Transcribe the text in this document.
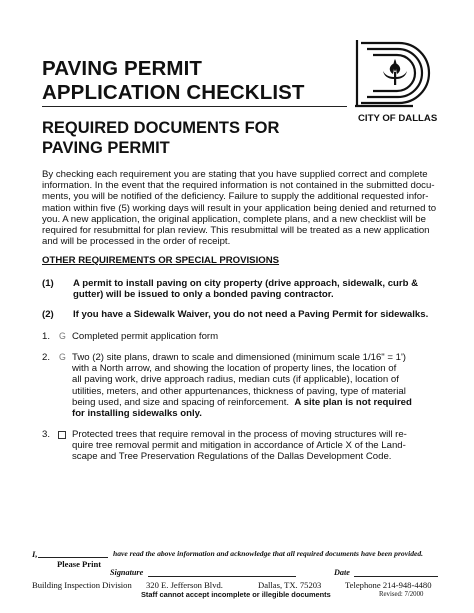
PAVING PERMIT
APPLICATION CHECKLIST
CITY OF DALLAS
REQUIRED DOCUMENTS FOR
PAVING PERMIT
By checking each requirement you are stating that you have supplied correct and complete
information. In the event that the required information is not contained in the submitted docu-
ments, you will be notified of the deficiency. Failure to supply the additional requested infor-
mation within five (5) working days will result in your application being denied and returned to
you. A new application, the original application, complete plans, and a new checklist will be
required for resubmittal for plan review. This resubmittal will be treated as a new application
and will be processed in the order of receipt.
OTHER REQUIREMENTS OR SPECIAL PROVISIONS
(1)	A permit to install paving on city property (drive approach, sidewalk, curb &
gutter) will be issued to only a bonded paving contractor.
(2)	If you have a Sidewalk Waiver, you do not need a Paving Permit for sidewalks.
1. G Completed permit application form
2. G Two (2) site plans, drawn to scale and dimensioned (minimum scale 1/16" = 1')
with a North arrow, and showing the location of property lines, the location of
all paving work, drive approach radius, median cuts (if applicable), location of
utilities, meters, and other appurtenances, thickness of paving, type of material
being used, and size and spacing of reinforcement. A site plan is not required
for installing sidewalks only.
3.	Protected trees that require removal in the process of moving structures will re-
quire tree removal permit and mitigation in accordance of Article X of the Land-
scape and Tree Preservation Regulations of the Dallas Development Code.
I,	have read the above information and acknowledge that all required documents have been provided.
Please Print
Signature	Date
Building Inspection Division 320 E. Jefferson Blvd.	Dallas, TX. 75203	Telephone 214-948-4480
Staff cannot accept incomplete or illegible documents	Revised: 7/2000
